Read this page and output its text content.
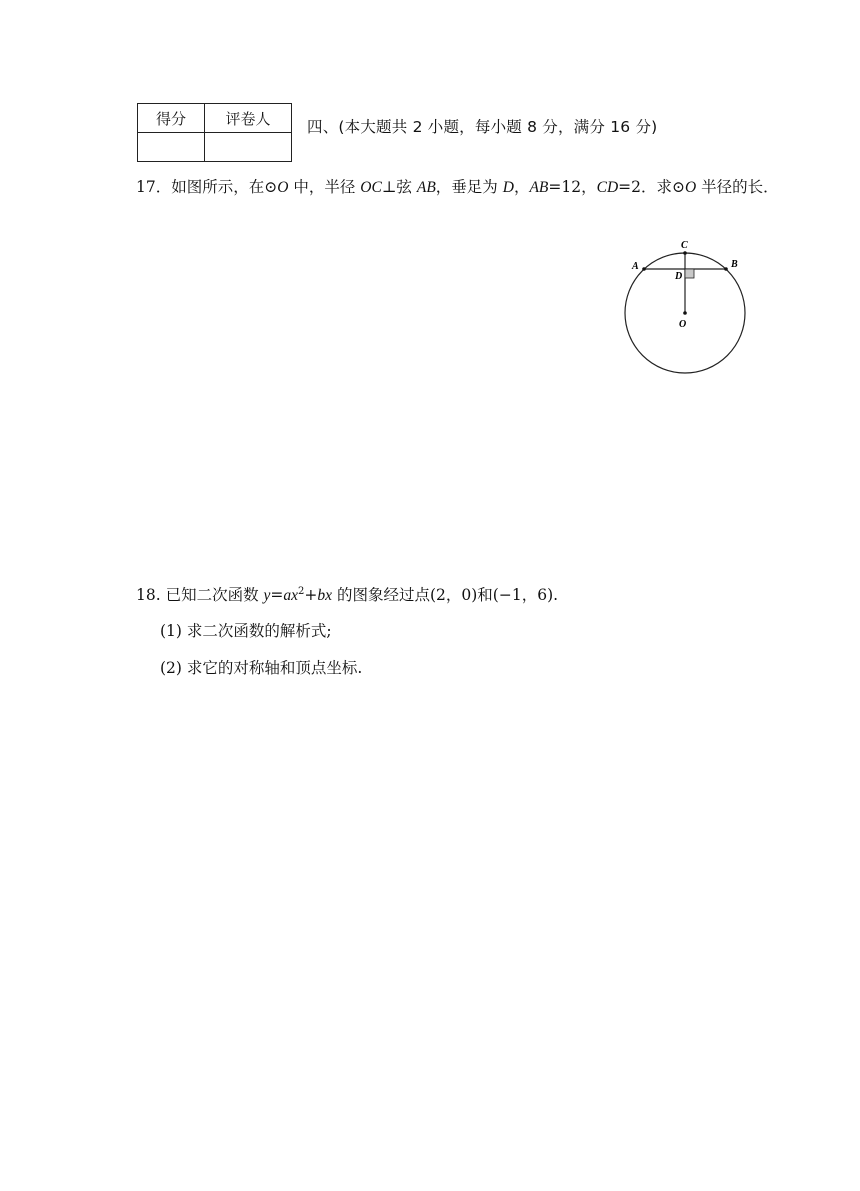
得分	评卷人
	四、(本大题共 2 小题，每小题 8 分，满分 16 分)
17．如图所示，在⊙O 中，半径 OC⊥弦 AB，垂足为 D，AB=12，CD=2．求⊙O 半径的长．
A	B
C
D
O
18. 已知二次函数 $y=ax^2+bx$ 的图象经过点(2，0)和(−1，6).
(1) 求二次函数的解析式;
(2) 求它的对称轴和顶点坐标.
